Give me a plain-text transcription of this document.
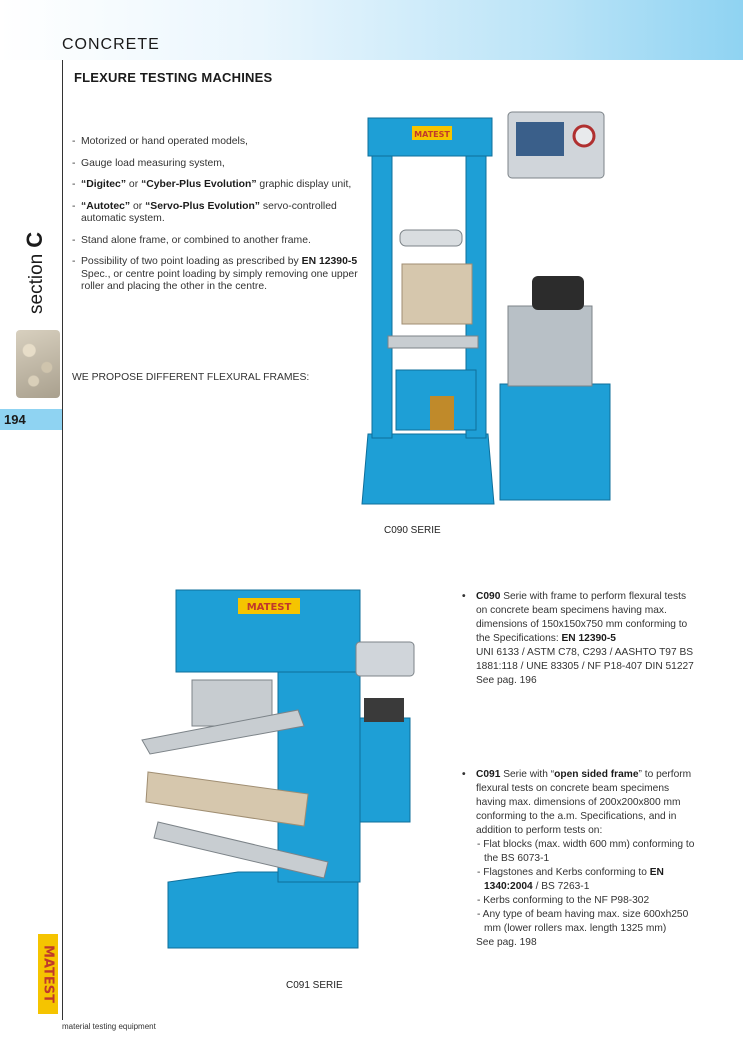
CONCRETE
FLEXURE TESTING MACHINES
sectionC
194
- Motorized or hand operated models,
- Gauge load measuring system,
- “Digitec” or “Cyber-Plus Evolution” graphic display unit,
- “Autotec” or “Servo-Plus Evolution” servo-controlled automatic system.
- Stand alone frame, or combined to another frame.
- Possibility of two point loading as prescribed by EN 12390-5 Spec., or centre point loading by simply removing one upper roller and placing the other in the centre.
WE PROPOSE DIFFERENT FLEXURAL FRAMES:
MATEST
C090 SERIE
MATEST
C091 SERIE
• C090 Serie with frame to perform flexural tests on concrete beam specimens having max. dimensions of 150x150x750 mm conforming to the Specifications: EN 12390-5
UNI 6133 / ASTM C78, C293 / AASHTO T97 BS 1881:118 / UNE 83305 / NF P18-407 DIN 51227
See pag. 196
• C091 Serie with “open sided frame” to perform flexural tests on concrete beam specimens having max. dimensions of 200x200x800 mm conforming to the a.m. Specifications, and in addition to perform tests on:
- Flat blocks (max. width 600 mm) conforming to the BS 6073-1
- Flagstones and Kerbs conforming to EN 1340:2004 / BS 7263-1
- Kerbs conforming to the NF P98-302
- Any type of beam having max. size 600xh250 mm (lower rollers max. length 1325 mm)
See pag. 198
MATEST
material testing equipment
